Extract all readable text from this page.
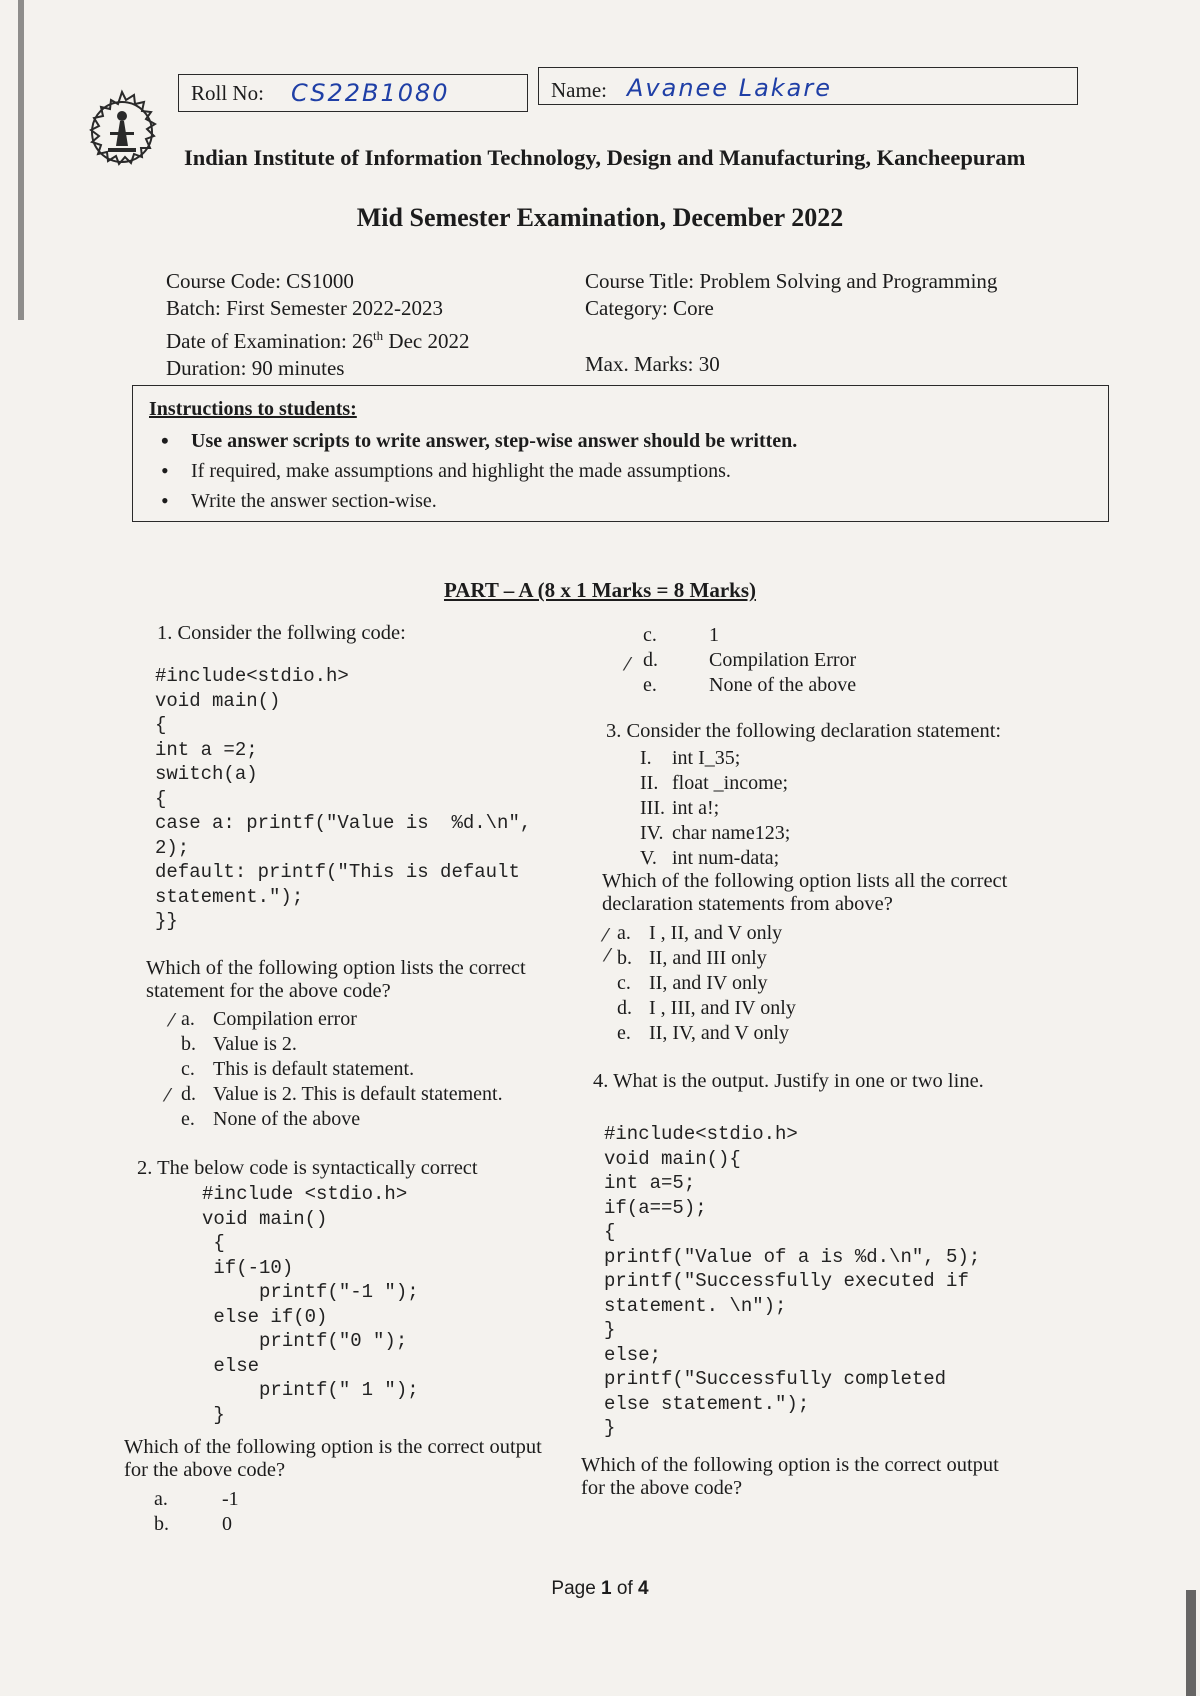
Roll No: CS22B1080	Name: Avanee Lakare
Indian Institute of Information Technology, Design and Manufacturing, Kancheepuram
Mid Semester Examination, December 2022
Course Code: CS1000
Batch: First Semester 2022-2023
Date of Examination: 26th Dec 2022
Duration: 90 minutes
Course Title: Problem Solving and Programming
Category: Core
Max. Marks: 30
Instructions to students:
• Use answer scripts to write answer, step-wise answer should be written.
• If required, make assumptions and highlight the made assumptions.
• Write the answer section-wise.
PART – A (8 x 1 Marks = 8 Marks)
1. Consider the follwing code:
#include<stdio.h>
void main()
{
int a =2;
switch(a)
{
case a: printf("Value is  %d.\n",
2);
default: printf("This is default
statement.");
}}
Which of the following option lists the correct
statement for the above code?
a. Compilation error
b. Value is 2.
c. This is default statement.
d. Value is 2. This is default statement.
e. None of the above
⁄
⁄
2. The below code is syntactically correct
#include <stdio.h>
void main()
{
if(-10)
printf("-1 ");
else if(0)
printf("0 ");
else
printf(" 1 ");
}
Which of the following option is the correct output
for the above code?
a.	-1
b.	0
c.	1
d.	Compilation Error
e.	None of the above
⁄
3. Consider the following declaration statement:
I. int I_35;
II. float _income;
III. int a!;
IV. char name123;
V. int num-data;
Which of the following option lists all the correct
declaration statements from above?
a. I , II, and V only
b. II, and III only
c. II, and IV only
d. I , III, and IV only
e. II, IV, and V only
⁄
⁄
4. What is the output. Justify in one or two line.
#include<stdio.h>
void main(){
int a=5;
if(a==5);
{
printf("Value of a is %d.\n", 5);
printf("Successfully executed if
statement. \n");
}
else;
printf("Successfully completed
else statement.");
}
Which of the following option is the correct output
for the above code?
Page 1 of 4
